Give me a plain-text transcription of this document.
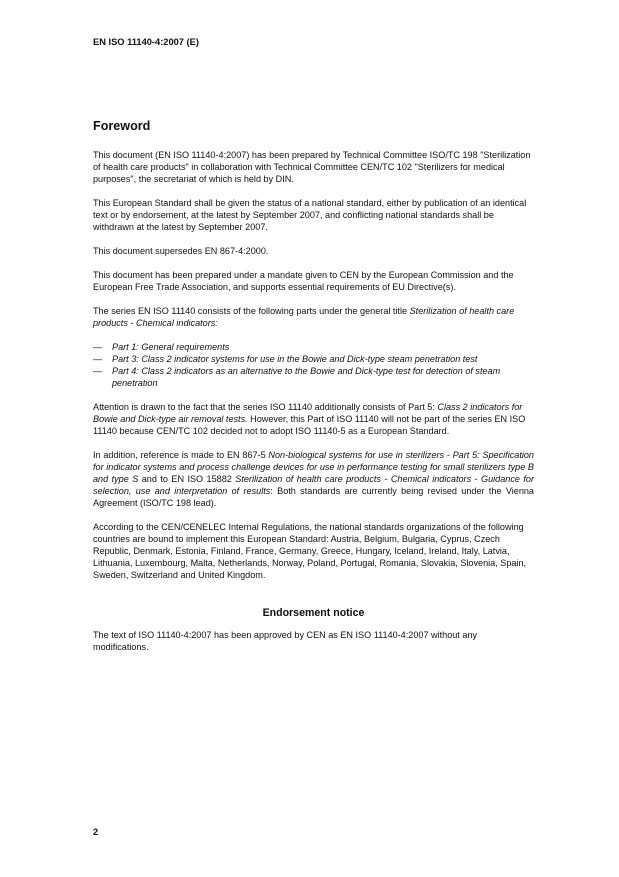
EN ISO 11140-4:2007 (E)
Foreword

This document (EN ISO 11140-4:2007) has been prepared by Technical Committee ISO/TC 198 "Sterilization of health care products" in collaboration with Technical Committee CEN/TC 102 "Sterilizers for medical purposes", the secretariat of which is held by DIN.

This European Standard shall be given the status of a national standard, either by publication of an identical text or by endorsement, at the latest by September 2007, and conflicting national standards shall be withdrawn at the latest by September 2007.

This document supersedes EN 867-4:2000.

This document has been prepared under a mandate given to CEN by the European Commission and the European Free Trade Association, and supports essential requirements of EU Directive(s).

The series EN ISO 11140 consists of the following parts under the general title Sterilization of health care products - Chemical indicators:

— Part 1: General requirements
— Part 3: Class 2 indicator systems for use in the Bowie and Dick-type steam penetration test
— Part 4: Class 2 indicators as an alternative to the Bowie and Dick-type test for detection of steam penetration

Attention is drawn to the fact that the series ISO 11140 additionally consists of Part 5: Class 2 indicators for Bowie and Dick-type air removal tests. However, this Part of ISO 11140 will not be part of the series EN ISO 11140 because CEN/TC 102 decided not to adopt ISO 11140-5 as a European Standard.

In addition, reference is made to EN 867-5 Non-biological systems for use in sterilizers - Part 5: Specification for indicator systems and process challenge devices for use in performance testing for small sterilizers type B and type S and to EN ISO 15882 Sterilization of health care products - Chemical indicators - Guidance for selection, use and interpretation of results: Both standards are currently being revised under the Vienna Agreement (ISO/TC 198 lead).

According to the CEN/CENELEC Internal Regulations, the national standards organizations of the following countries are bound to implement this European Standard: Austria, Belgium, Bulgaria, Cyprus, Czech Republic, Denmark, Estonia, Finland, France, Germany, Greece, Hungary, Iceland, Ireland, Italy, Latvia, Lithuania, Luxembourg, Malta, Netherlands, Norway, Poland, Portugal, Romania, Slovakia, Slovenia, Spain, Sweden, Switzerland and United Kingdom.

Endorsement notice

The text of ISO 11140-4:2007 has been approved by CEN as EN ISO 11140-4:2007 without any modifications.

2
